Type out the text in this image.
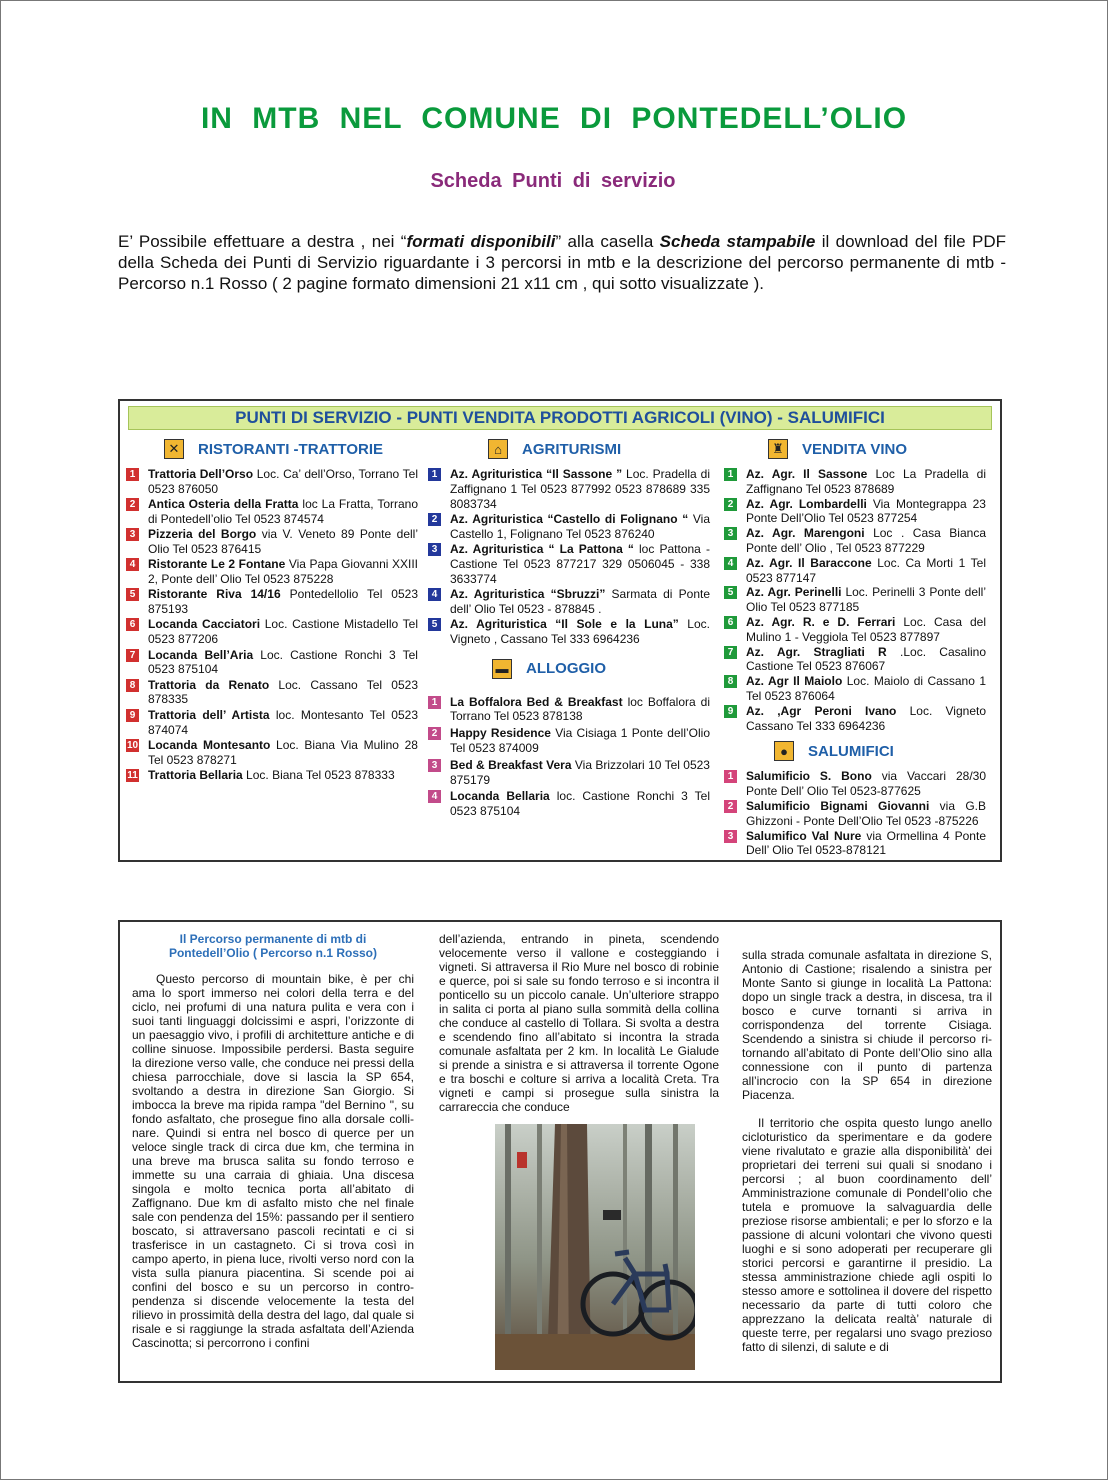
IN MTB NEL COMUNE DI PONTEDELL’OLIO
Scheda Punti di servizio
E’ Possibile effettuare a destra , nei “formati disponibili” alla casella Scheda stampabile il download del file PDF della Scheda dei Punti di Servizio riguardante i 3 percorsi in mtb e la descrizione del percorso permanente di mtb - Percorso n.1 Rosso ( 2 pagine formato dimensioni 21 x11 cm , qui sotto visualizzate ).
PUNTI DI SERVIZIO - PUNTI VENDITA PRODOTTI AGRICOLI (VINO) - SALUMIFICI
✕	RISTORANTI -TRATTORIE
1	Trattoria Dell’Orso Loc. Ca’ dell’Orso, Torrano Tel 0523 876050
2	Antica Osteria della Fratta loc La Fratta, Torrano di Pontedell’olio Tel 0523 874574
3	Pizzeria del Borgo via V. Veneto 89 Ponte dell’ Olio Tel 0523 876415
4	Ristorante Le 2 Fontane Via Papa Giovanni XXIII 2, Ponte dell’ Olio Tel 0523 875228
5	Ristorante Riva 14/16 Pontedellolio Tel 0523 875193
6	Locanda Cacciatori Loc. Castione Mistadello Tel 0523 877206
7	Locanda Bell’Aria Loc. Castione Ronchi 3 Tel 0523 875104
8	Trattoria da Renato Loc. Cassano Tel 0523 878335
9	Trattoria dell’ Artista loc. Montesanto Tel 0523 874074
10 Locanda Montesanto Loc. Biana Via Mulino 28 Tel 0523 878271
11 Trattoria Bellaria Loc. Biana Tel 0523 878333
⌂	AGRITURISMI
1	Az. Agrituristica “Il Sassone ” Loc. Pradella di Zaffignano 1 Tel 0523 877992 0523 878689 335 8083734
2	Az. Agrituristica “Castello di Folignano “ Via Castello 1, Folignano Tel 0523 876240
3	Az. Agrituristica “ La Pattona “ loc Pattona - Castione Tel 0523 877217 329 0506045 - 338 3633774
4	Az. Agrituristica “Sbruzzi” Sarmata di Ponte dell’ Olio Tel 0523 - 878845 .
5	Az. Agrituristica “Il Sole e la Luna” Loc. Vigneto , Cassano Tel 333 6964236
▬ ALLOGGIO
1	La Boffalora Bed & Breakfast loc Boffalora di Torrano Tel 0523 878138
2	Happy Residence Via Cisiaga 1 Ponte dell’Olio Tel 0523 874009
3	Bed & Breakfast Vera Via Brizzolari 10 Tel 0523 875179
4	Locanda Bellaria loc. Castione Ronchi 3 Tel 0523 875104
♜ VENDITA VINO
1	Az. Agr. Il Sassone Loc La Pradella di Zaffignano Tel 0523 878689
2	Az. Agr. Lombardelli Via Montegrappa 23 Ponte Dell’Olio Tel 0523 877254
3	Az. Agr. Marengoni Loc . Casa Bianca Ponte dell’ Olio , Tel 0523 877229
4	Az. Agr. Il Baraccone Loc. Ca Morti 1 Tel 0523 877147
5	Az. Agr. Perinelli Loc. Perinelli 3 Ponte dell’ Olio Tel 0523 877185
6	Az. Agr. R. e D. Ferrari Loc. Casa del Mulino 1 - Veggiola Tel 0523 877897
7	Az. Agr. Stragliati R .Loc. Casalino Castione Tel 0523 876067
8	Az. Agr Il Maiolo Loc. Maiolo di Cassano 1 Tel 0523 876064
9	Az. ,Agr Peroni Ivano Loc. Vigneto Cassano Tel 333 6964236
●	SALUMIFICI
1	Salumificio S. Bono via Vaccari 28/30 Ponte Dell’ Olio Tel 0523-877625
2	Salumificio Bignami Giovanni via G.B Ghizzoni - Ponte Dell’Olio Tel 0523 -875226
3	Salumifico Val Nure via Ormellina 4 Ponte Dell’ Olio Tel 0523-878121
Il Percorso permanente di mtb di Pontedell’Olio ( Percorso n.1 Rosso)
Questo percorso di mountain bike, è per chi ama lo sport immerso nei colori della terra e del ciclo, nei profumi di una natura pulita e vera con i suoi tanti linguaggi dolcissimi e aspri, l’orizzonte di un paesaggio vivo, i profili di architetture antiche e di colline sinuose. Impossibile perdersi. Basta seguire la direzione verso valle, che conduce nei pressi della chiesa parrocchiale, dove si lascia la SP 654, svoltando a destra in direzione San Giorgio. Si imbocca la breve ma ripida rampa "del Bernino ", su fondo asfaltato, che prosegue fino alla dorsale colli-nare. Quindi si entra nel bosco di querce per un veloce single track di circa due km, che termina in una breve ma brusca salita su fondo terroso e immette su una carraia di ghiaia. Una discesa singola e molto tecnica porta all’abitato di Zaffignano. Due km di asfalto misto che nel finale sale con pendenza del 15%: passando per il sentiero boscato, si attraversano pascoli recintati e ci si trasferisce in un castagneto. Ci si trova così in campo aperto, in piena luce, rivolti verso nord con la vista sulla pianura piacentina. Si scende poi ai confini del bosco e su un percorso in contro-pendenza si discende velocemente la testa del rilievo in prossimità della destra del lago, dal quale si risale e si raggiunge la strada asfaltata dell’Azienda Cascinotta; si percorrono i confini
dell’azienda, entrando in pineta, scendendo velocemente verso il vallone e costeggiando i vigneti. Si attraversa il Rio Mure nel bosco di robinie e querce, poi si sale su fondo terroso e si incontra il ponticello su un piccolo canale. Un’ulteriore strappo in salita ci porta al piano sulla sommità della collina che conduce al castello di Tollara. Si svolta a destra e scendendo fino all’abitato si incontra la strada comunale asfaltata per 2 km. In località Le Gialude si prende a sinistra e si attraversa il torrente Ogone e tra boschi e colture si arriva a località Creta. Tra vigneti e campi si prosegue sulla sinistra la carrareccia che conduce
sulla strada comunale asfaltata in direzione S, Antonio di Castione; risalendo a sinistra per Monte Santo si giunge in località La Pattona: dopo un single track a destra, in discesa, tra il bosco e curve tornanti si arriva in corrispondenza del torrente Cisiaga. Scendendo a sinistra si chiude il percorso ri-tornando all’abitato di Ponte dell’Olio sino alla connessione con il punto di partenza all’incrocio con la SP 654 in direzione Piacenza.
Il territorio che ospita questo lungo anello cicloturistico da sperimentare e da godere viene rivalutato e grazie alla disponibilità’ dei proprietari dei terreni sui quali si snodano i percorsi ; al buon coordinamento dell’ Amministrazione comunale di Pondell’olio che tutela e promuove la salvaguardia delle preziose risorse ambientali; e per lo sforzo e la passione di alcuni volontari che vivono questi luoghi e si sono adoperati per recuperare gli storici percorsi e garantirne il presidio. La stessa amministrazione chiede agli ospiti lo stesso amore e sottolinea il dovere del rispetto necessario da parte di tutti coloro che apprezzano la delicata realtà’ naturale di queste terre, per regalarsi uno svago prezioso fatto di silenzi, di salute e di
